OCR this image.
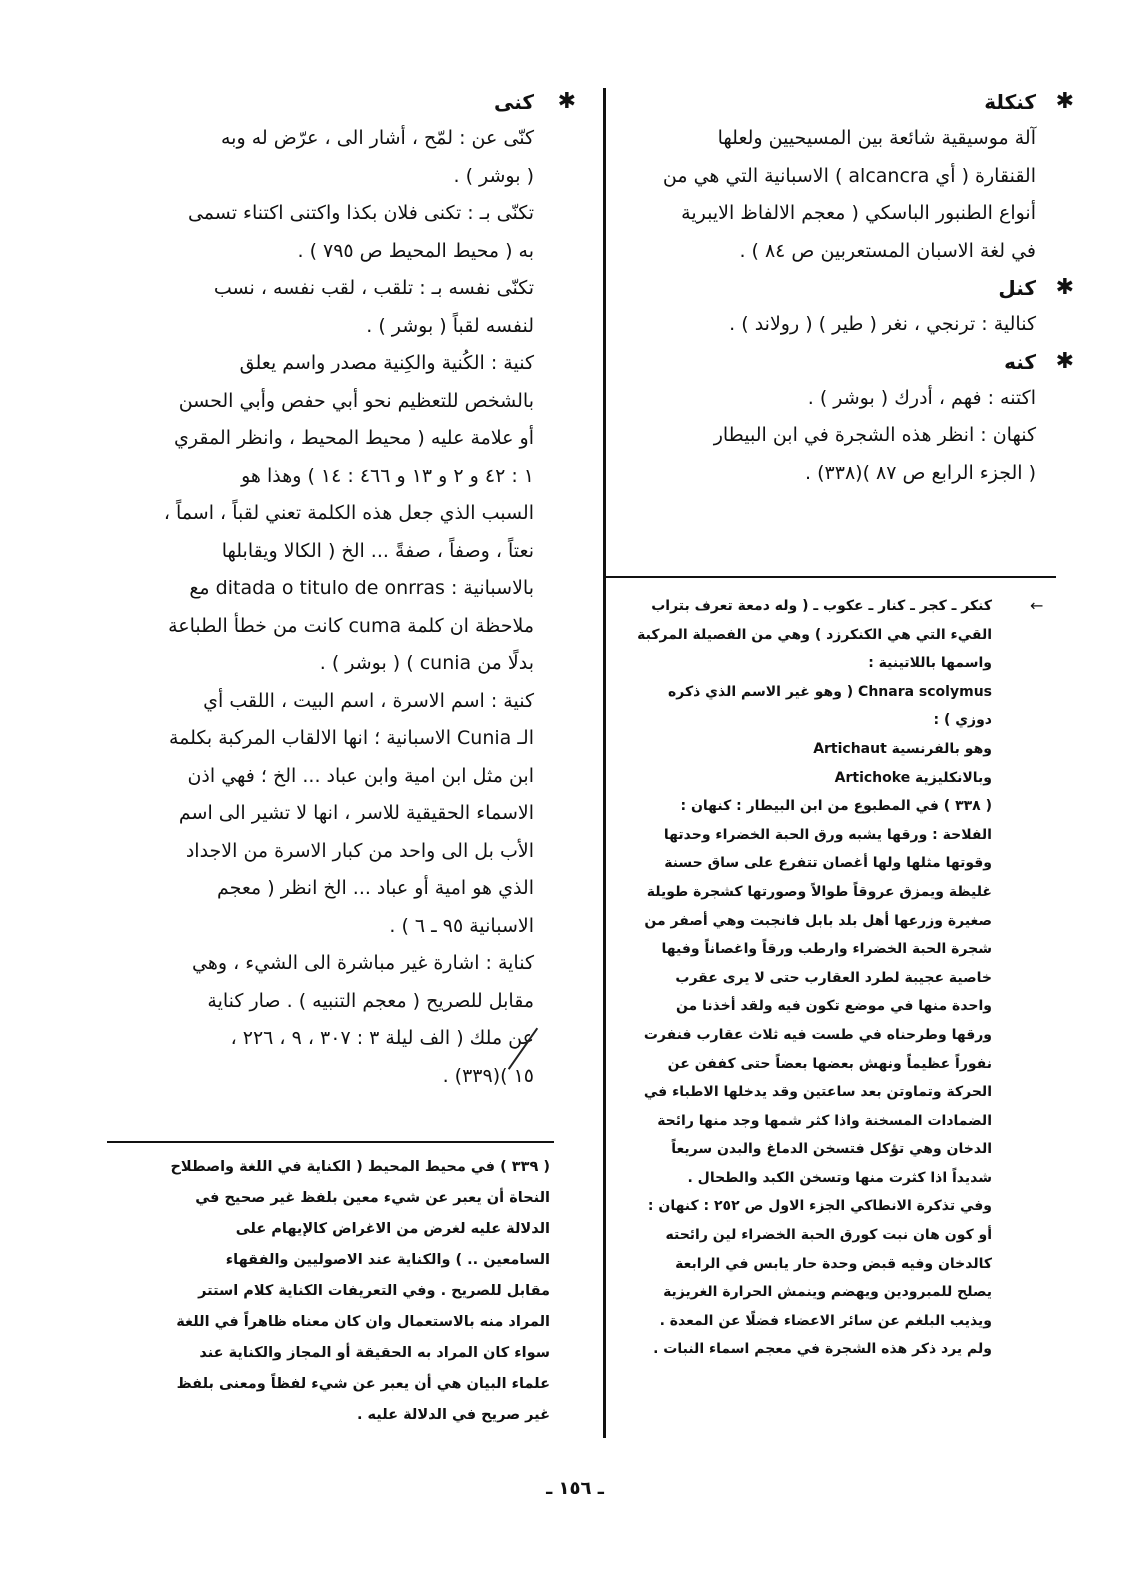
✱
كنكلة

آلة موسيقية شائعة بين المسيحيين ولعلها

القنقارة ( أي alcancra ) الاسبانية التي هي من

أنواع الطنبور الباسكي ( معجم الالفاظ الايبرية

في لغة الاسبان المستعربين ص ٨٤ ) .

✱
كنل

كنالية : ترنجي ، نغر ( طير ) ( رولاند ) .

✱
كنه

اكتنه : فهم ، أدرك ( بوشر ) .

كنهان : انظر هذه الشجرة في ابن البيطار

( الجزء الرابع ص ٨٧ )(٣٣٨) .

✱
كنى

كنّى عن : لمّح ، أشار الى ، عرّض له وبه

( بوشر ) .

تكنّى بـ : تكنى فلان بكذا واكتنى اكتناء تسمى

به ( محيط المحيط ص ٧٩٥ ) .

تكنّى نفسه بـ : تلقب ، لقب نفسه ، نسب

لنفسه لقباً ( بوشر ) .

كنية : الكُنية والكِنية مصدر واسم يعلق

بالشخص للتعظيم نحو أبي حفص وأبي الحسن

أو علامة عليه ( محيط المحيط ، وانظر المقري

١ : ٤٢ و ٢ و ١٣ و ٤٦٦ : ١٤ ) وهذا هو

السبب الذي جعل هذه الكلمة تعني لقباً ، اسماً ،

نعتاً ، وصفاً ، صفةً ... الخ ( الكالا ويقابلها

بالاسبانية : ditada o titulo de onrras مع

ملاحظة ان كلمة cuma كانت من خطأ الطباعة

بدلًا من cunia ) ( بوشر ) .

كنية : اسم الاسرة ، اسم البيت ، اللقب أي

الـ Cunia الاسبانية ؛ انها الالقاب المركبة بكلمة

ابن مثل ابن امية وابن عباد ... الخ ؛ فهي اذن

الاسماء الحقيقية للاسر ، انها لا تشير الى اسم

الأب بل الى واحد من كبار الاسرة من الاجداد

الذي هو امية أو عباد ... الخ انظر ( معجم

الاسبانية ٩٥ ـ ٦ ) .

كناية : اشارة غير مباشرة الى الشيء ، وهي

مقابل للصريح ( معجم التنبيه ) . صار كناية

عن ملك ( الف ليلة ٣ : ٣٠٧ ، ٩ ، ٢٢٦ ،

١٥ )(٣٣٩) .

←

كنكر ـ كجر ـ كنار ـ عكوب ـ ( وله دمعة تعرف بتراب

القيء التي هي الكنكرزد ) وهي من الفصيلة المركبة

واسمها باللاتينية :

Chnara scolymus ( وهو غير الاسم الذي ذكره

دوزي ) :

وهو بالفرنسية Artichaut

وبالانكليزية Artichoke

( ٣٣٨ ) في المطبوع من ابن البيطار : كنهان :

الفلاحة : ورقها يشبه ورق الحبة الخضراء وحدتها

وقوتها مثلها ولها أغصان تتفرع على ساق حسنة

غليظة ويمزق عروقاً طوالاً وصورتها كشجرة طويلة

صغيرة وزرعها أهل بلد بابل فانجبت وهي أصفر من

شجرة الحبة الخضراء وارطب ورقاً واغصاناً وفيها

خاصية عجيبة لطرد العقارب حتى لا يرى عقرب

واحدة منها في موضع تكون فيه ولقد أخذنا من

ورقها وطرحناه في طست فيه ثلاث عقارب فنفرت

نفوراً عظيماً ونهش بعضها بعضاً حتى كففن عن

الحركة وتماوتن بعد ساعتين وقد يدخلها الاطباء في

الضمادات المسخنة واذا كثر شمها وجد منها رائحة

الدخان وهي تؤكل فتسخن الدماغ والبدن سريعاً

شديداً اذا كثرت منها وتسخن الكبد والطحال .

وفي تذكرة الانطاكي الجزء الاول ص ٢٥٢ : كنهان :

أو كون هان نبت كورق الحبة الخضراء لين رائحته

كالدخان وفيه قبض وحدة حار يابس في الرابعة

يصلح للمبرودين ويهضم وينمش الحرارة الغريزية

ويذيب البلغم عن سائر الاعضاء فضلًا عن المعدة .

ولم يرد ذكر هذه الشجرة في معجم اسماء النبات .

( ٣٣٩ ) في محيط المحيط ( الكناية في اللغة واصطلاح

النحاة أن يعبر عن شيء معين بلفظ غير صحيح في

الدلالة عليه لغرض من الاغراض كالإيهام على

السامعين .. ) والكناية عند الاصوليين والفقهاء

مقابل للصريح . وفي التعريفات الكناية كلام استتر

المراد منه بالاستعمال وان كان معناه ظاهراً في اللغة

سواء كان المراد به الحقيقة أو المجاز والكناية عند

علماء البيان هي أن يعبر عن شيء لفظاً ومعنى بلفظ

غير صريح في الدلالة عليه .

ـ ١٥٦ ـ
